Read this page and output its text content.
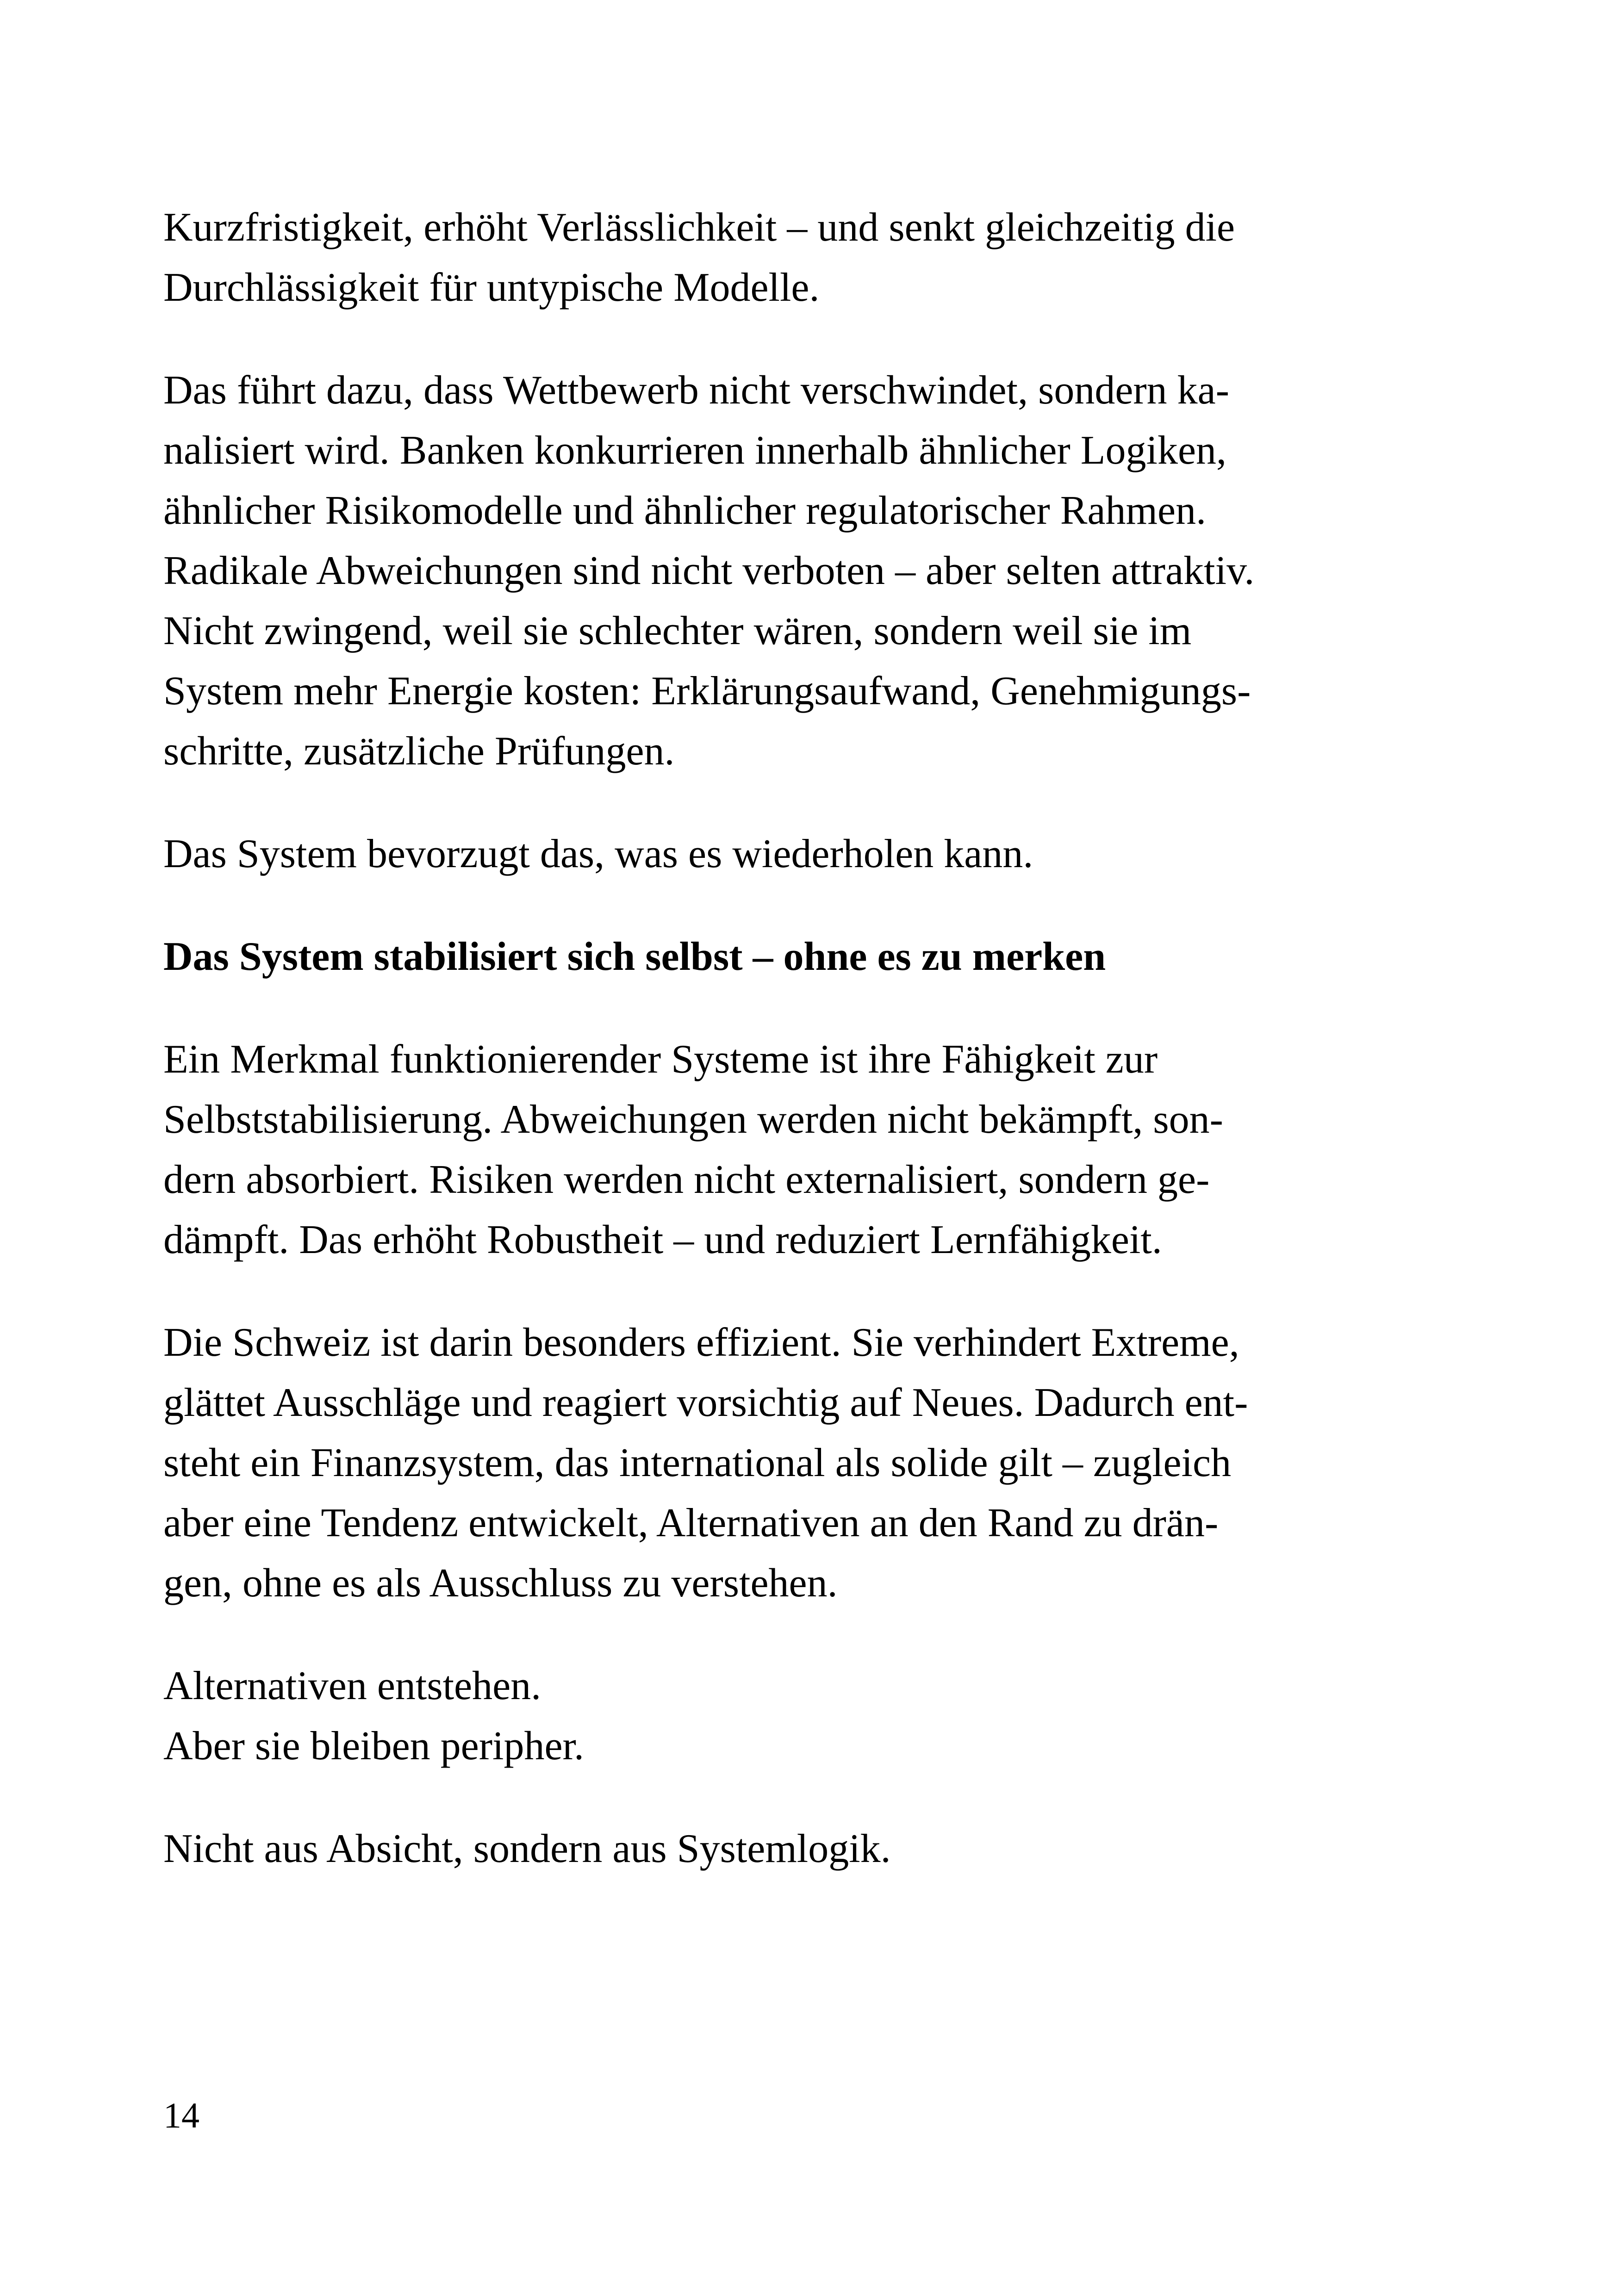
Kurzfristigkeit, erhöht Verlässlichkeit – und senkt gleichzeitig die

Durchlässigkeit für untypische Modelle.

Das führt dazu, dass Wettbewerb nicht verschwindet, sondern ka-

nalisiert wird. Banken konkurrieren innerhalb ähnlicher Logiken,

ähnlicher Risikomodelle und ähnlicher regulatorischer Rahmen.

Radikale Abweichungen sind nicht verboten – aber selten attraktiv.

Nicht zwingend, weil sie schlechter wären, sondern weil sie im

System mehr Energie kosten: Erklärungsaufwand, Genehmigungs-

schritte, zusätzliche Prüfungen.

Das System bevorzugt das, was es wiederholen kann.

Das System stabilisiert sich selbst – ohne es zu merken

Ein Merkmal funktionierender Systeme ist ihre Fähigkeit zur

Selbststabilisierung. Abweichungen werden nicht bekämpft, son-

dern absorbiert. Risiken werden nicht externalisiert, sondern ge-

dämpft. Das erhöht Robustheit – und reduziert Lernfähigkeit.

Die Schweiz ist darin besonders effizient. Sie verhindert Extreme,

glättet Ausschläge und reagiert vorsichtig auf Neues. Dadurch ent-

steht ein Finanzsystem, das international als solide gilt – zugleich

aber eine Tendenz entwickelt, Alternativen an den Rand zu drän-

gen, ohne es als Ausschluss zu verstehen.

Alternativen entstehen.

Aber sie bleiben peripher.

Nicht aus Absicht, sondern aus Systemlogik.

14
